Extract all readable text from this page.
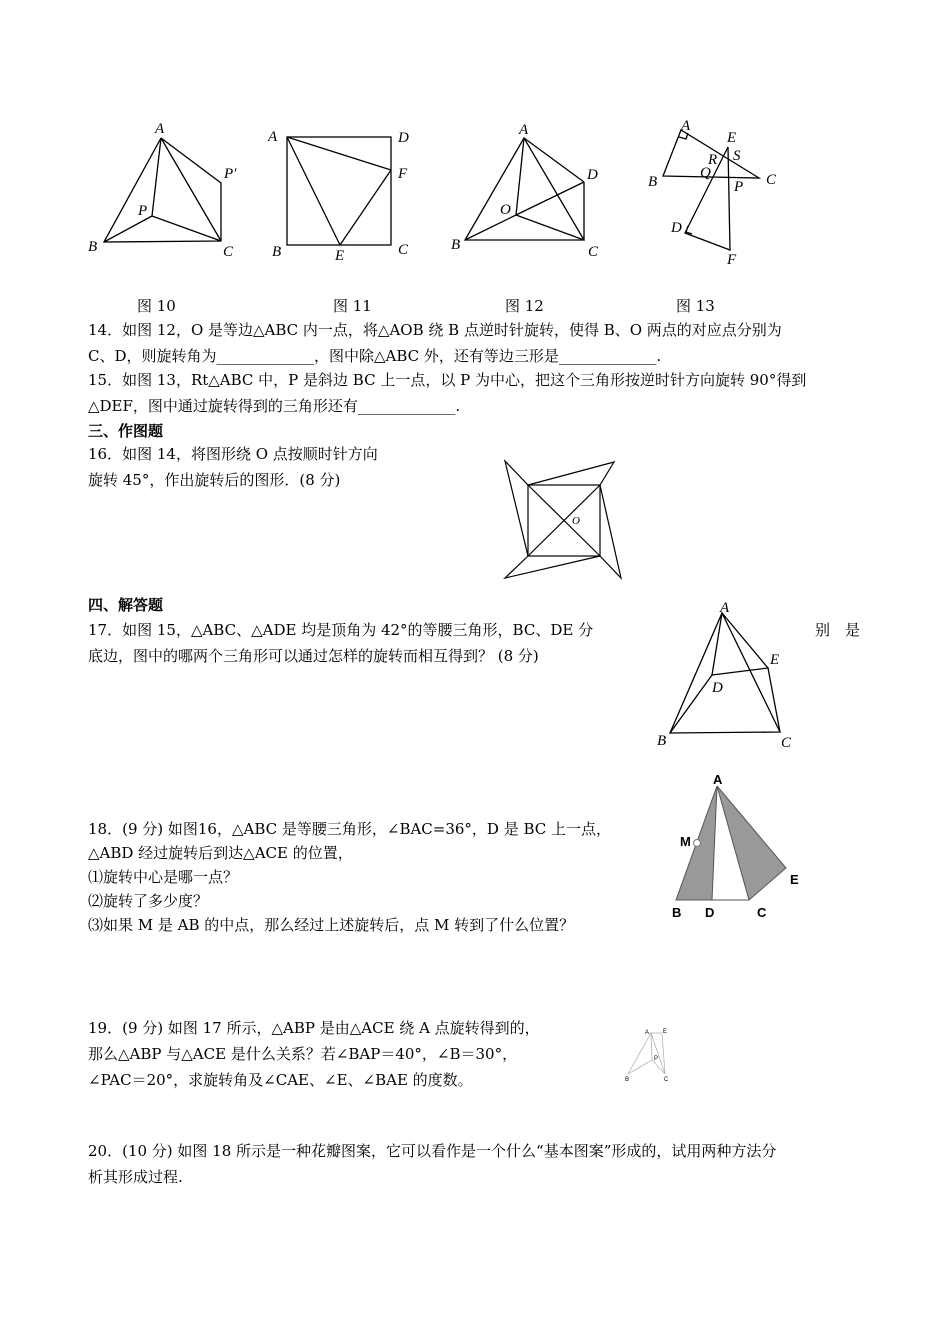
A
P′
P
B	C
A	D
F
B	E	C
A
D
O
B	C
A
E
R S
Q
B	P C
D
F
图 10	图 11	图 12	图 13
14．如图 12，O 是等边△ABC 内一点，将△AOB 绕 B 点逆时针旋转，使得 B、O 两点的对应点分别为
C、D，则旋转角为_____________，图中除△ABC 外，还有等边三形是_____________.
15．如图 13，Rt△ABC 中，P 是斜边 BC 上一点，以 P 为中心，把这个三角形按逆时针方向旋转 90°得到
△DEF，图中通过旋转得到的三角形还有_____________.
三、作图题
16．如图 14，将图形绕 O 点按顺时针方向
旋转 45°，作出旋转后的图形．(8 分)
O
四、解答题
17．如图 15，△ABC、△ADE 均是顶角为 42°的等腰三角形，BC、DE 分	别　是
底边，图中的哪两个三角形可以通过怎样的旋转而相互得到？ (8 分)
A
E
D
B	C
18．(9 分) 如图16，△ABC 是等腰三角形，∠BAC=36°，D 是 BC 上一点，
△ABD 经过旋转后到达△ACE 的位置，
⑴旋转中心是哪一点？
⑵旋转了多少度？
⑶如果 M 是 AB 的中点，那么经过上述旋转后，点 M 转到了什么位置？
A
M
E
B D	C
19．(9 分) 如图 17 所示，△ABP 是由△ACE 绕 A 点旋转得到的，
那么△ABP 与△ACE 是什么关系？若∠BAP＝40°，∠B＝30°，
∠PAC＝20°，求旋转角及∠CAE、∠E、∠BAE 的度数。
A E
P
B	C
20．(10 分) 如图 18 所示是一种花瓣图案，它可以看作是一个什么“基本图案”形成的，试用两种方法分
析其形成过程.
